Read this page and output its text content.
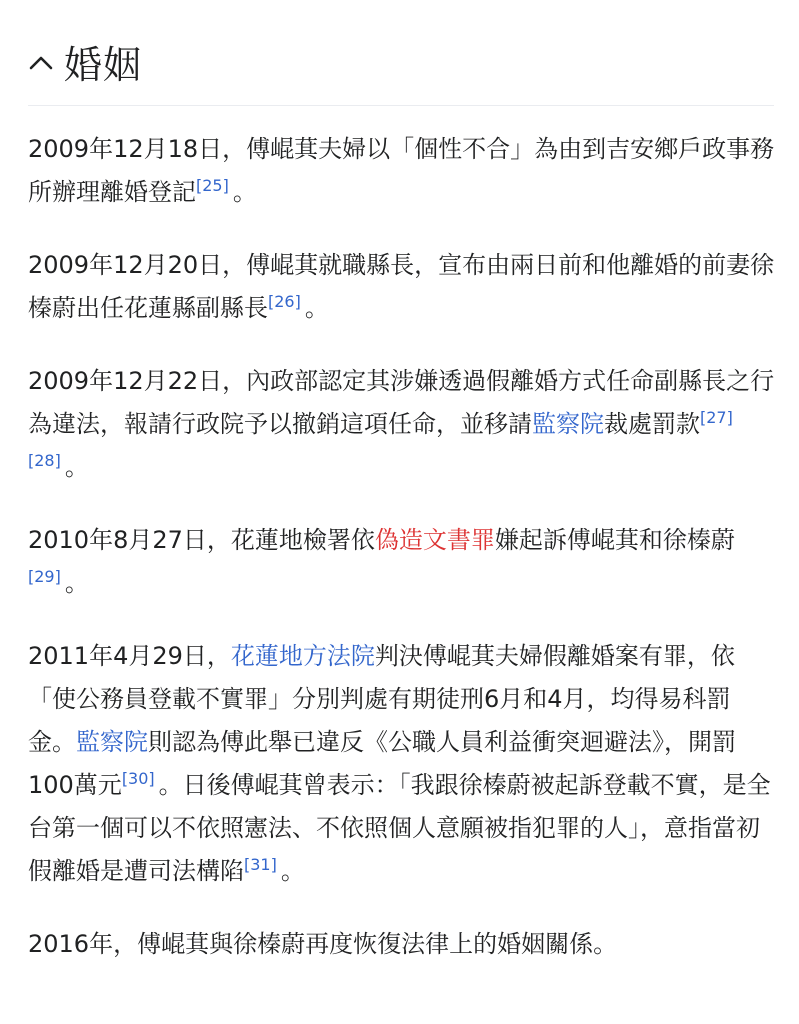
婚姻

2009年12月18日，傅崐萁夫婦以「個性不合」為由到吉安鄉戶政事務所辦理離婚登記[25] 。

2009年12月20日，傅崐萁就職縣長，宣布由兩日前和他離婚的前妻徐榛蔚出任花蓮縣副縣長[26] 。

2009年12月22日，內政部認定其涉嫌透過假離婚方式任命副縣長之行為違法，報請行政院予以撤銷這項任命，並移請監察院裁處罰款[27][28] 。

2010年8月27日，花蓮地檢署依偽造文書罪嫌起訴傅崐萁和徐榛蔚[29] 。

2011年4月29日，花蓮地方法院判決傅崐萁夫婦假離婚案有罪，依「使公務員登載不實罪」分別判處有期徒刑6月和4月，均得易科罰金。監察院則認為傅此舉已違反《公職人員利益衝突迴避法》，開罰100萬元[30] 。日後傅崐萁曾表示：「我跟徐榛蔚被起訴登載不實，是全台第一個可以不依照憲法、不依照個人意願被指犯罪的人」，意指當初假離婚是遭司法構陷[31] 。

2016年，傅崐萁與徐榛蔚再度恢復法律上的婚姻關係。
